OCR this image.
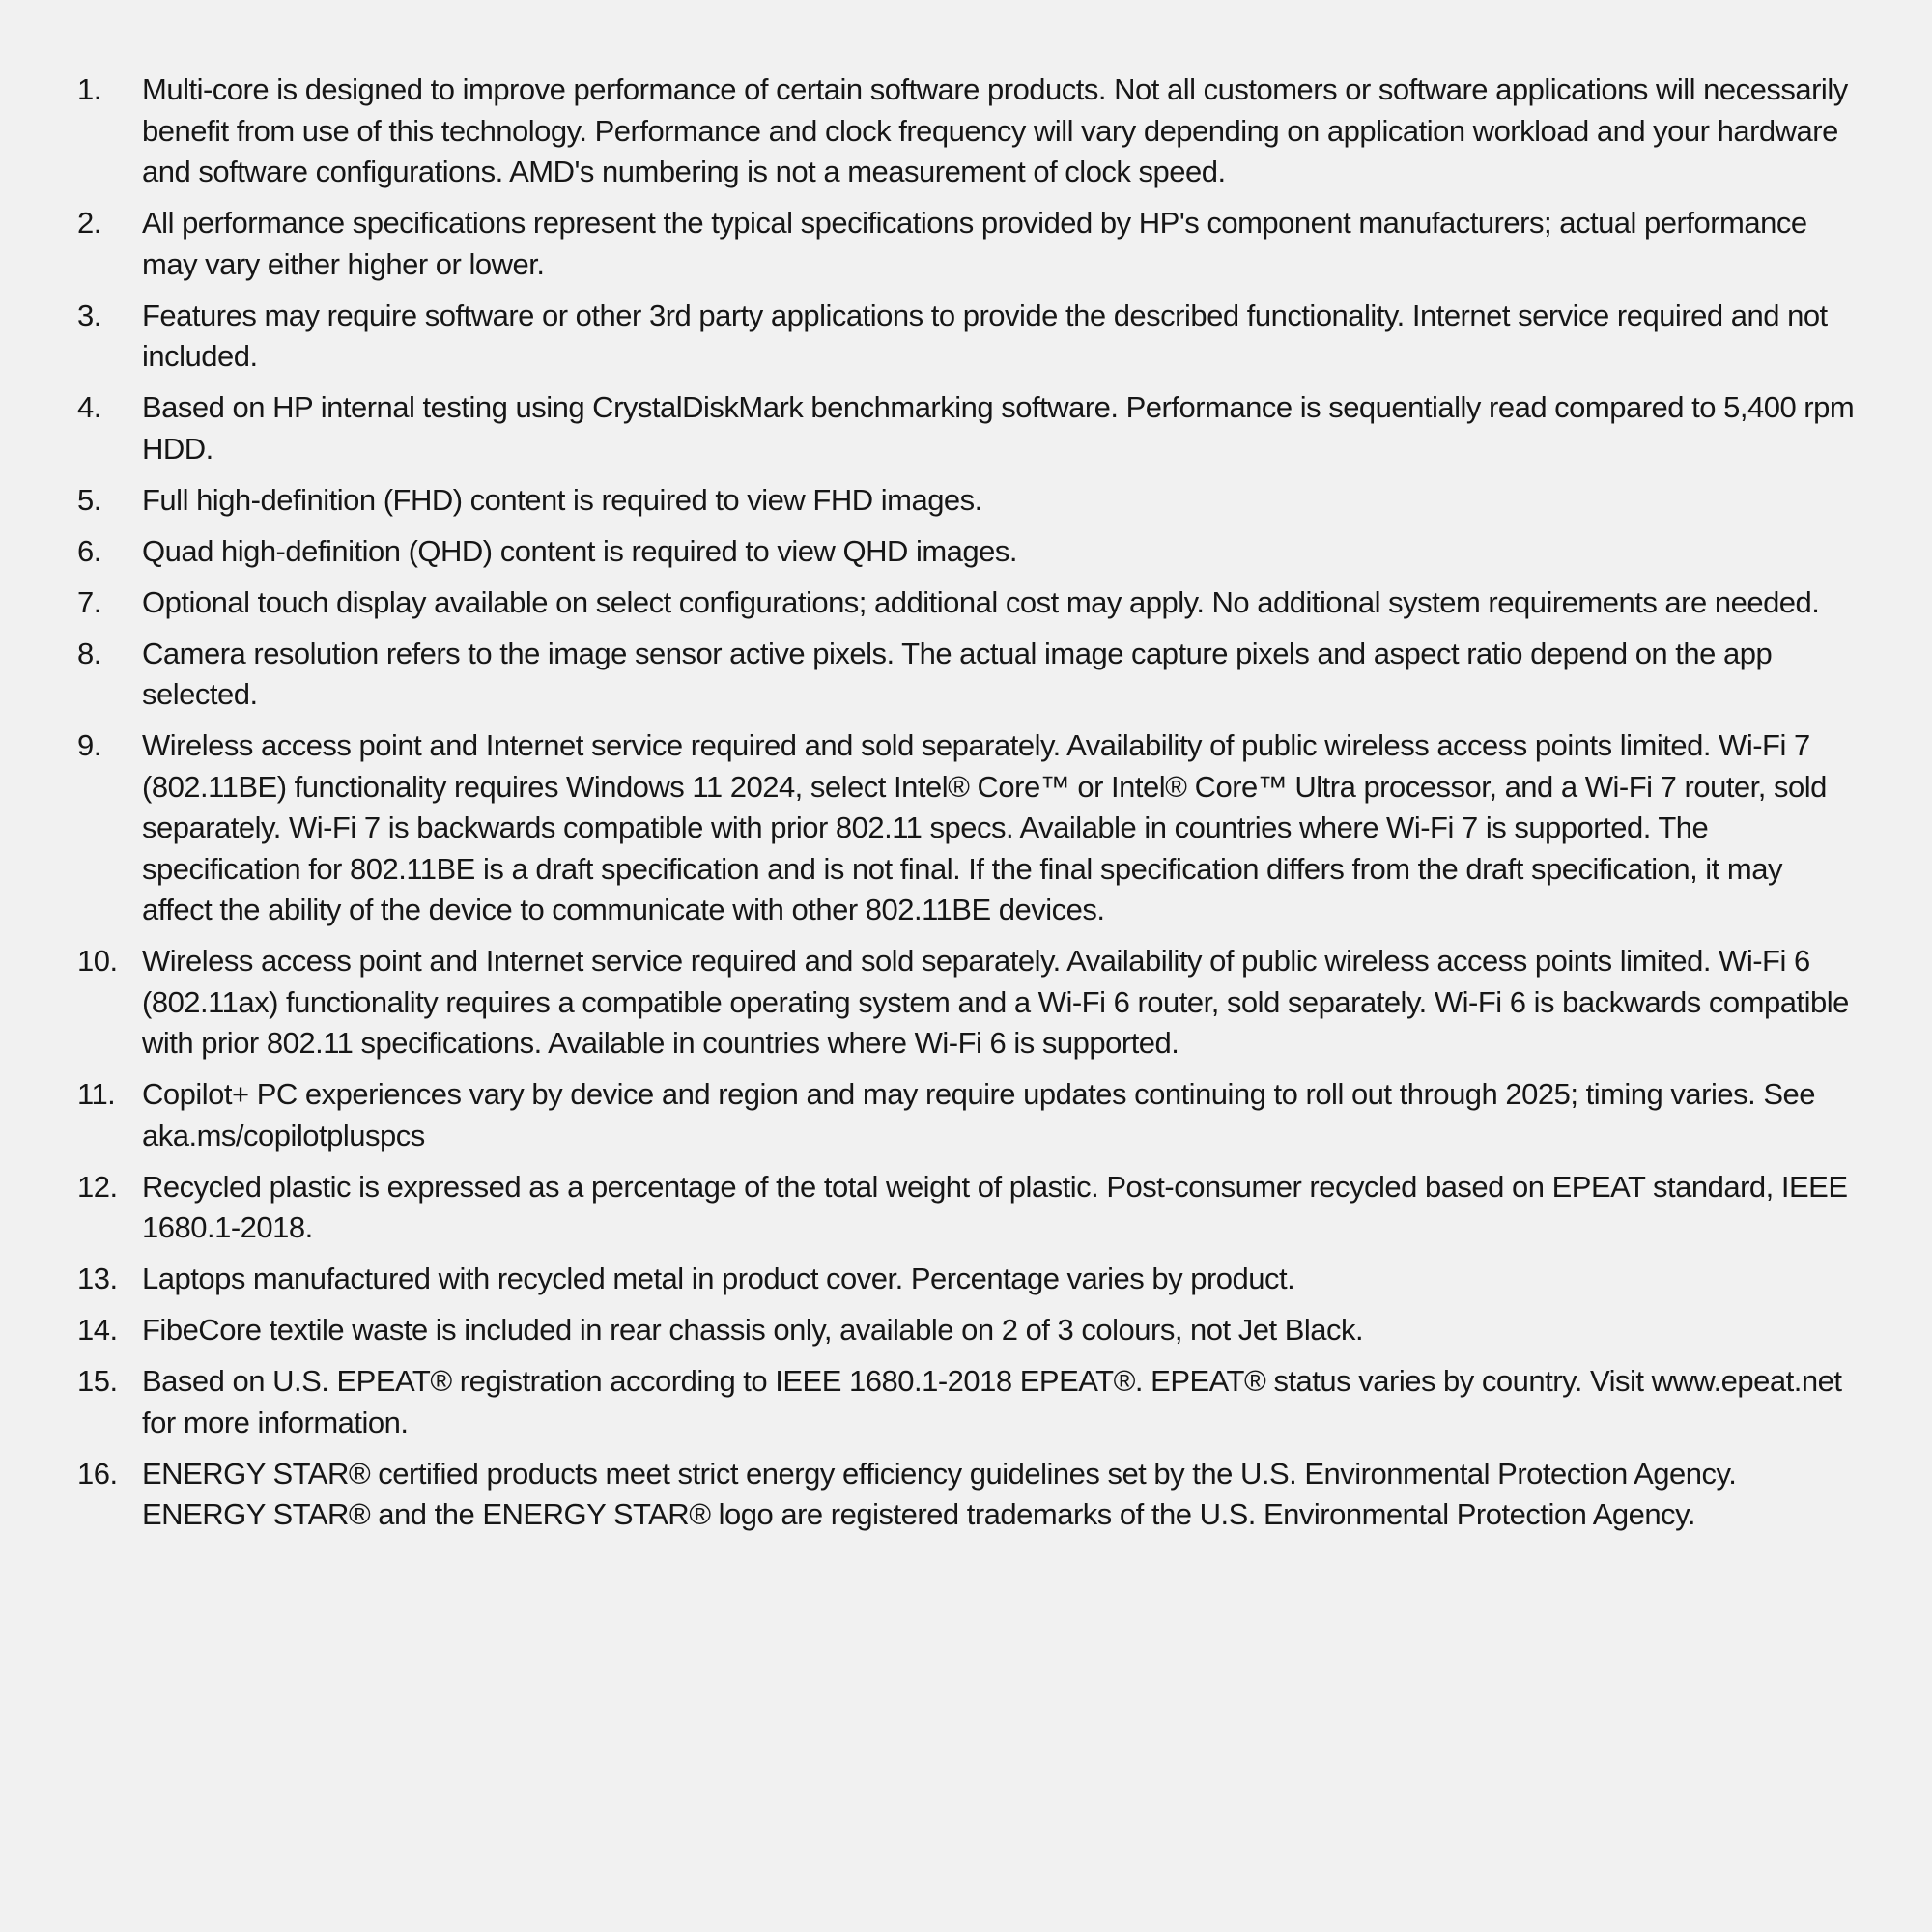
1.	Multi-core is designed to improve performance of certain software products. Not all customers or software applications will necessarily benefit from use of this technology. Performance and clock frequency will vary depending on application workload and your hardware and software configurations. AMD's numbering is not a measurement of clock speed.
2.	All performance specifications represent the typical specifications provided by HP's component manufacturers; actual performance may vary either higher or lower.
3.	Features may require software or other 3rd party applications to provide the described functionality. Internet service required and not included.
4.	Based on HP internal testing using CrystalDiskMark benchmarking software. Performance is sequentially read compared to 5,400 rpm HDD.
5.	Full high-definition (FHD) content is required to view FHD images.
6.	Quad high-definition (QHD) content is required to view QHD images.
7.	Optional touch display available on select configurations; additional cost may apply. No additional system requirements are needed.
8.	Camera resolution refers to the image sensor active pixels. The actual image capture pixels and aspect ratio depend on the app selected.
9.	Wireless access point and Internet service required and sold separately. Availability of public wireless access points limited. Wi-Fi 7 (802.11BE) functionality requires Windows 11 2024, select Intel® Core™ or Intel® Core™ Ultra processor, and a Wi-Fi 7 router, sold separately. Wi-Fi 7 is backwards compatible with prior 802.11 specs. Available in countries where Wi-Fi 7 is supported. The specification for 802.11BE is a draft specification and is not final. If the final specification differs from the draft specification, it may affect the ability of the device to communicate with other 802.11BE devices.
10. Wireless access point and Internet service required and sold separately. Availability of public wireless access points limited. Wi-Fi 6 (802.11ax) functionality requires a compatible operating system and a Wi-Fi 6 router, sold separately. Wi-Fi 6 is backwards compatible with prior 802.11 specifications. Available in countries where Wi-Fi 6 is supported.
11. Copilot+ PC experiences vary by device and region and may require updates continuing to roll out through 2025; timing varies. See aka.ms/copilotpluspcs
12. Recycled plastic is expressed as a percentage of the total weight of plastic. Post-consumer recycled based on EPEAT standard, IEEE 1680.1-2018.
13. Laptops manufactured with recycled metal in product cover. Percentage varies by product.
14. FibeCore textile waste is included in rear chassis only, available on 2 of 3 colours, not Jet Black.
15. Based on U.S. EPEAT® registration according to IEEE 1680.1-2018 EPEAT®. EPEAT® status varies by country. Visit www.epeat.net for more information.
16. ENERGY STAR® certified products meet strict energy efficiency guidelines set by the U.S. Environmental Protection Agency. ENERGY STAR® and the ENERGY STAR® logo are registered trademarks of the U.S. Environmental Protection Agency.
